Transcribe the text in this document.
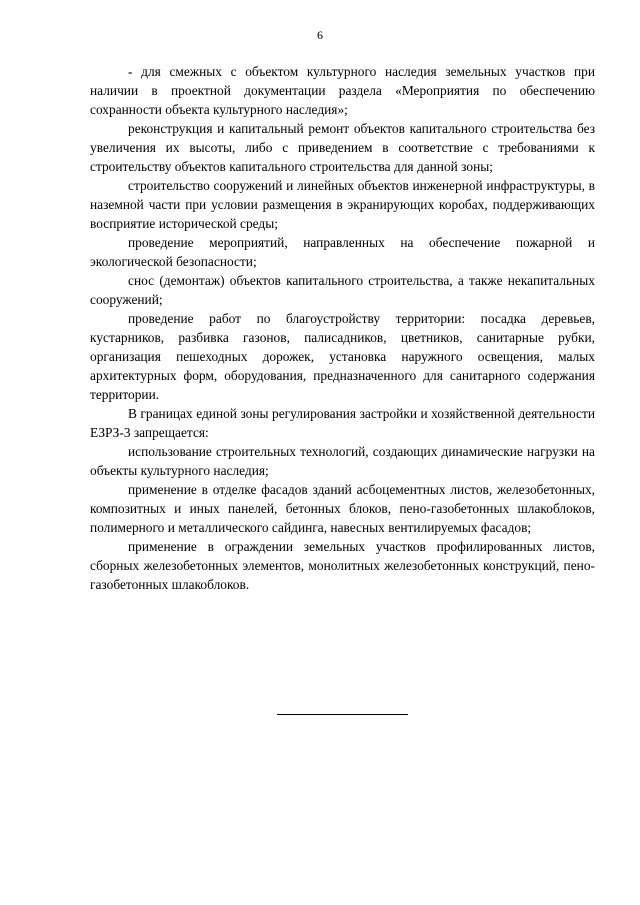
6

- для смежных с объектом культурного наследия земельных участков при наличии в проектной документации раздела «Мероприятия по обеспечению сохранности объекта культурного наследия»;

реконструкция и капитальный ремонт объектов капитального строительства без увеличения их высоты, либо с приведением в соответствие с требованиями к строительству объектов капитального строительства для данной зоны;

строительство сооружений и линейных объектов инженерной инфраструктуры, в наземной части при условии размещения в экранирующих коробах, поддерживающих восприятие исторической среды;

проведение мероприятий, направленных на обеспечение пожарной и экологической безопасности;

снос (демонтаж) объектов капитального строительства, а также некапитальных сооружений;

проведение работ по благоустройству территории: посадка деревьев, кустарников, разбивка газонов, палисадников, цветников, санитарные рубки, организация пешеходных дорожек, установка наружного освещения, малых архитектурных форм, оборудования, предназначенного для санитарного содержания территории.

В границах единой зоны регулирования застройки и хозяйственной деятельности ЕЗРЗ-3 запрещается:

использование строительных технологий, создающих динамические нагрузки на объекты культурного наследия;

применение в отделке фасадов зданий асбоцементных листов, железобетонных, композитных и иных панелей, бетонных блоков, пено-газобетонных шлакоблоков, полимерного и металлического сайдинга, навесных вентилируемых фасадов;

применение в ограждении земельных участков профилированных листов, сборных железобетонных элементов, монолитных железобетонных конструкций, пено- газобетонных шлакоблоков.
